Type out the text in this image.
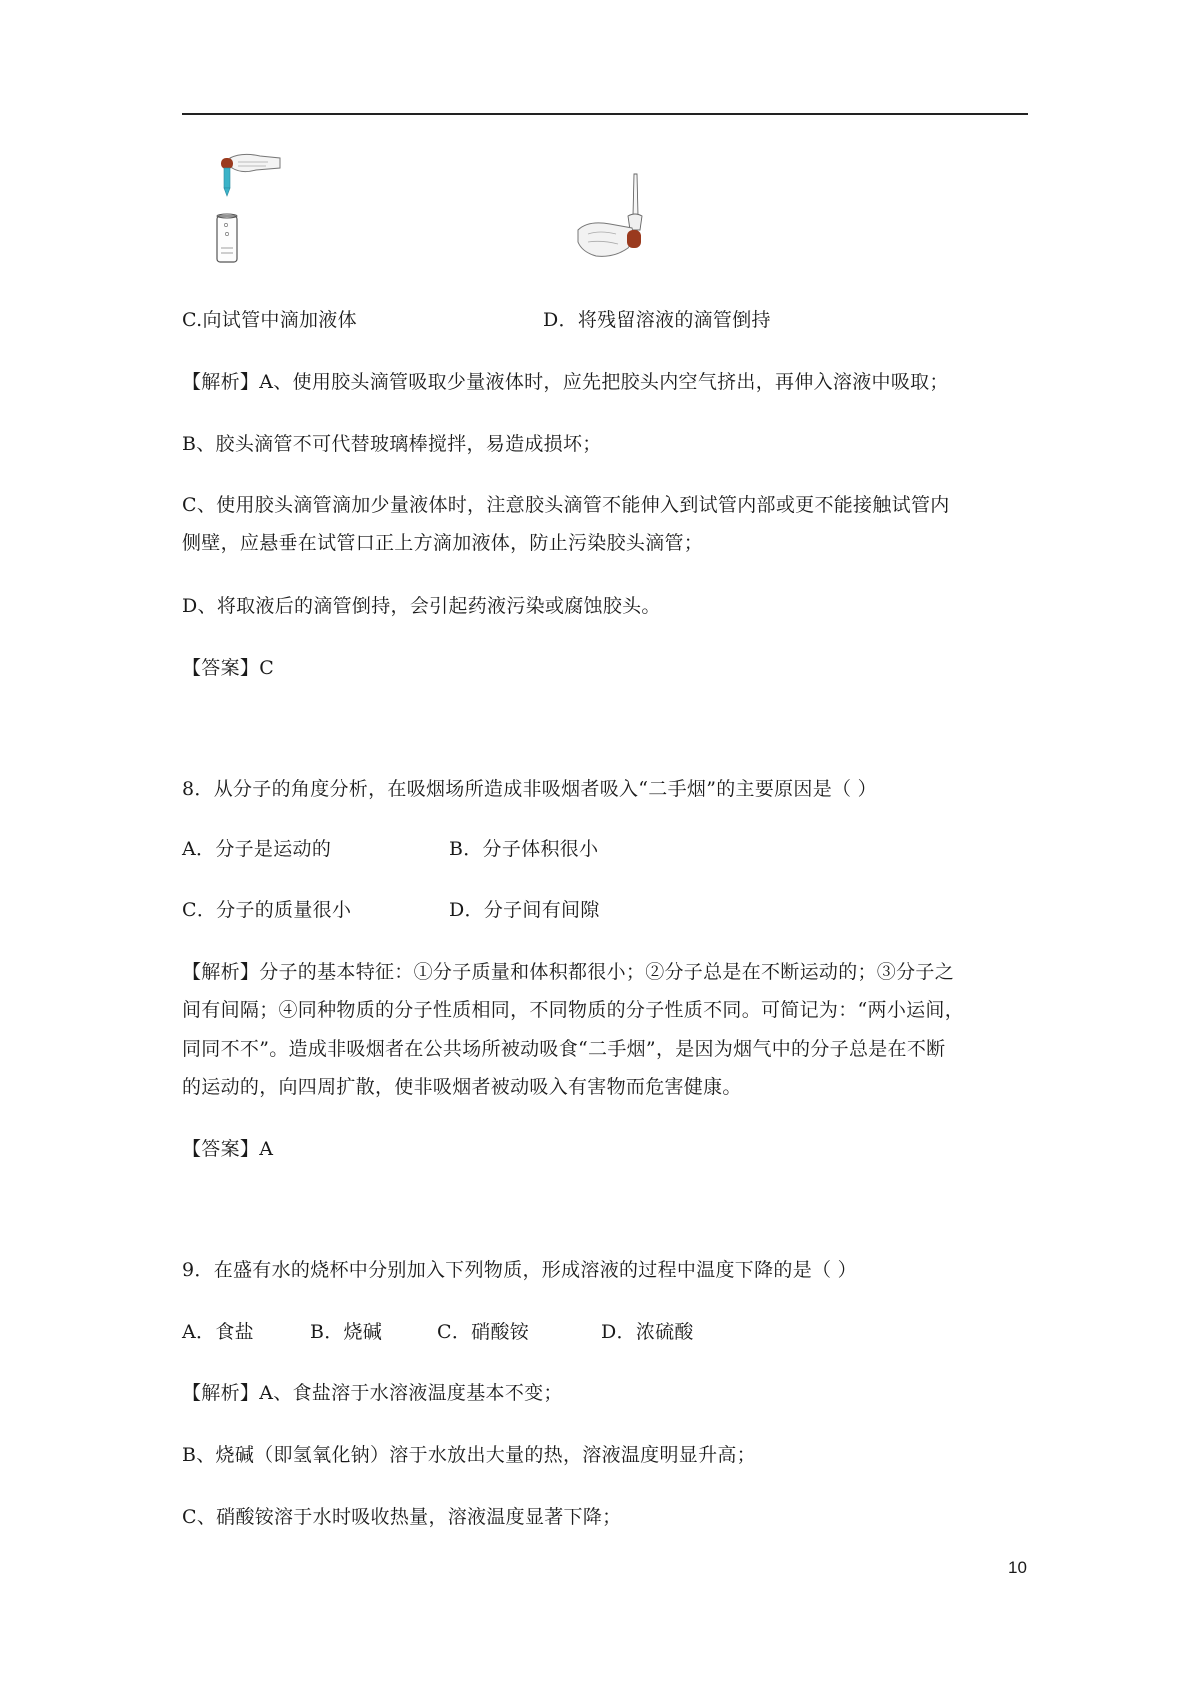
C.向试管中滴加液体	D．将残留溶液的滴管倒持
【解析】A、使用胶头滴管吸取少量液体时，应先把胶头内空气挤出，再伸入溶液中吸取；
B、胶头滴管不可代替玻璃棒搅拌，易造成损坏；
C、使用胶头滴管滴加少量液体时，注意胶头滴管不能伸入到试管内部或更不能接触试管内
侧壁，应悬垂在试管口正上方滴加液体，防止污染胶头滴管；
D、将取液后的滴管倒持，会引起药液污染或腐蚀胶头。
【答案】C
8．从分子的角度分析，在吸烟场所造成非吸烟者吸入“二手烟”的主要原因是（ ）
A．分子是运动的	B．分子体积很小
C．分子的质量很小	D．分子间有间隙
【解析】分子的基本特征：①分子质量和体积都很小；②分子总是在不断运动的；③分子之
间有间隔；④同种物质的分子性质相同，不同物质的分子性质不同。可简记为：“两小运间，
同同不不”。造成非吸烟者在公共场所被动吸食“二手烟”，是因为烟气中的分子总是在不断
的运动的，向四周扩散，使非吸烟者被动吸入有害物而危害健康。
【答案】A
9．在盛有水的烧杯中分别加入下列物质，形成溶液的过程中温度下降的是（ ）
A．食盐	B．烧碱	C．硝酸铵	D．浓硫酸
【解析】A、食盐溶于水溶液温度基本不变；
B、烧碱（即氢氧化钠）溶于水放出大量的热，溶液温度明显升高；
C、硝酸铵溶于水时吸收热量，溶液温度显著下降；
10
